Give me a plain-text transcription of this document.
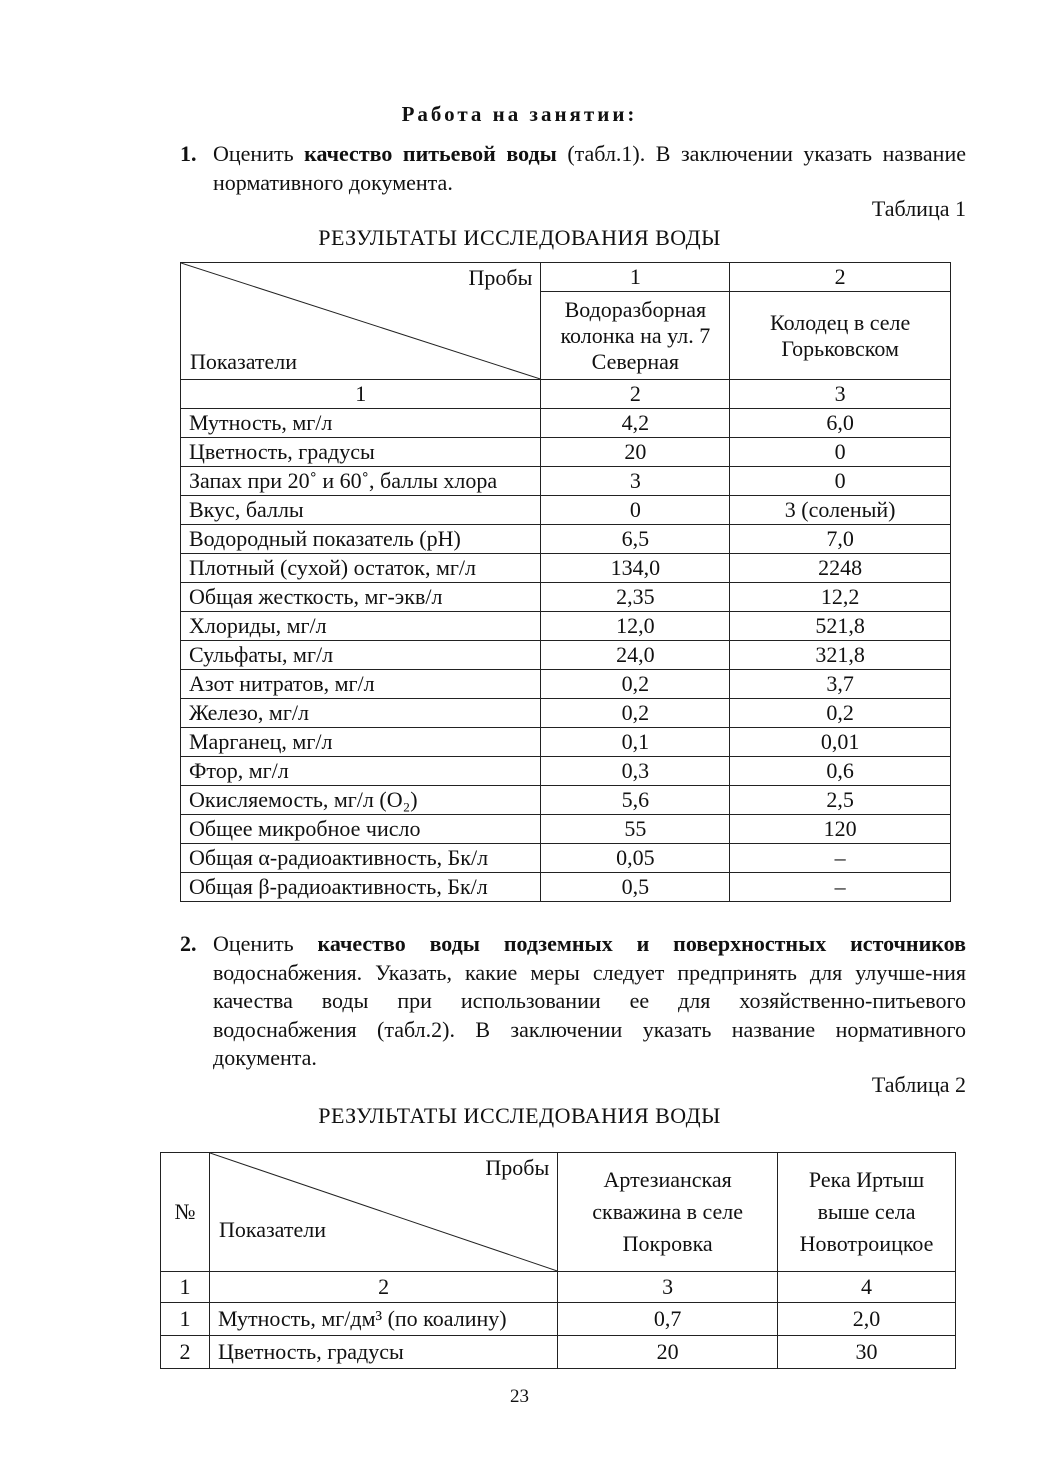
Работа на занятии:
1. Оценить качество питьевой воды (табл.1). В заключении указать название нормативного документа.
Таблица 1
РЕЗУЛЬТАТЫ ИССЛЕДОВАНИЯ ВОДЫ
Пробы
Показатели	1	2
	Водоразборная колонка на ул. 7 Северная	Колодец в селе Горьковском
1	2	3
Мутность, мг/л	4,2	6,0
Цветность, градусы	20	0
Запах при 20˚ и 60˚, баллы хлора	3	0
Вкус, баллы	0	3 (соленый)
Водородный показатель (рН)	6,5	7,0
Плотный (сухой) остаток, мг/л	134,0	2248
Общая жесткость, мг-экв/л	2,35	12,2
Хлориды, мг/л	12,0	521,8
Сульфаты, мг/л	24,0	321,8
Азот нитратов, мг/л	0,2	3,7
Железо, мг/л	0,2	0,2
Марганец, мг/л	0,1	0,01
Фтор, мг/л	0,3	0,6
Окисляемость, мг/л (О₂)	5,6	2,5
Общее микробное число	55	120
Общая α-радиоактивность, Бк/л	0,05	–
Общая β-радиоактивность, Бк/л	0,5	–
2. Оценить качество воды подземных и поверхностных источников водоснабжения. Указать, какие меры следует предпринять для улучше-ния качества воды при использовании ее для хозяйственно-питьевого водоснабжения (табл.2). В заключении указать название нормативного документа.
Таблица 2
РЕЗУЛЬТАТЫ ИССЛЕДОВАНИЯ ВОДЫ
№	Пробы
Показатели	Артезианская скважина в селе Покровка	Река Иртыш выше села Новотроицкое
1	2	3	4
1	Мутность, мг/дм³ (по коалину)	0,7	2,0
2	Цветность, градусы	20	30
23
